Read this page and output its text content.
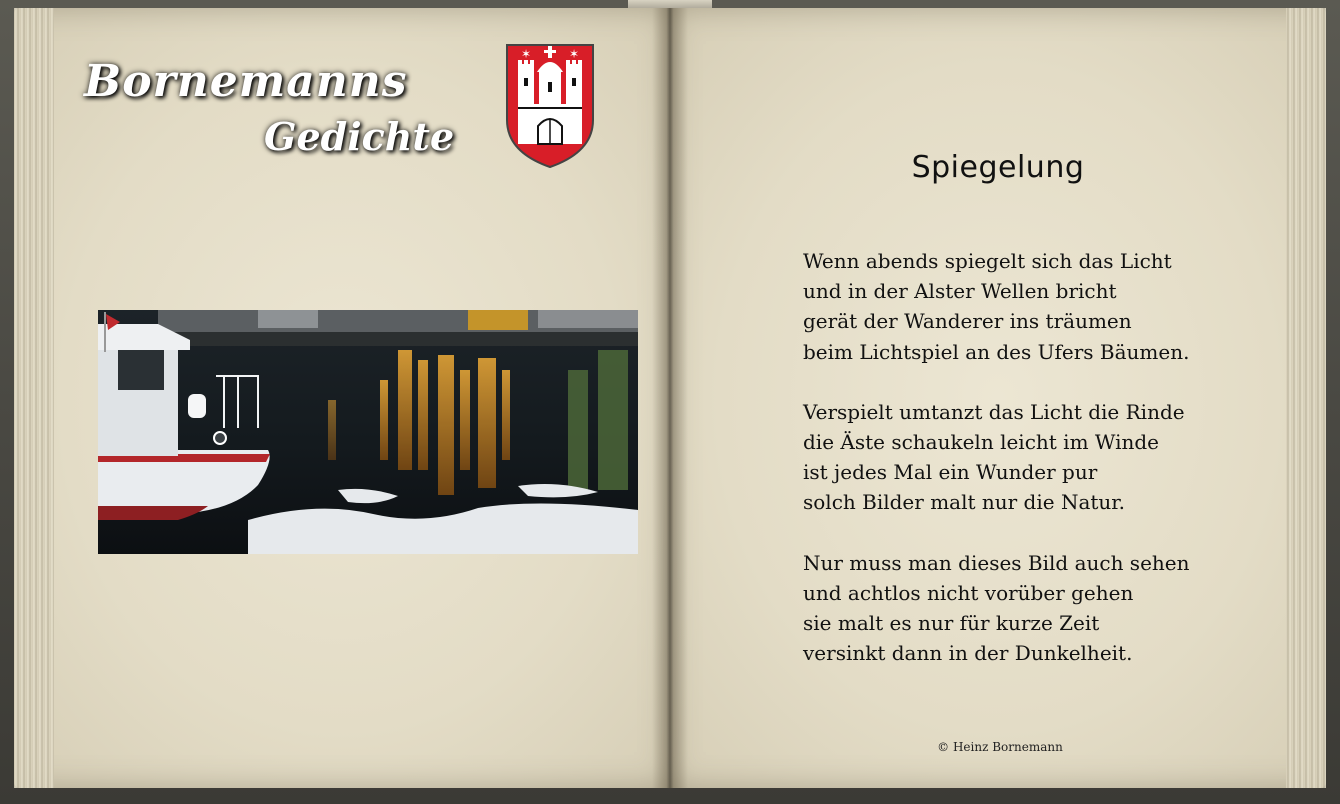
Bornemanns
Gedichte
✶	✶
Spiegelung
Wenn abends spiegelt sich das Licht
und in der Alster Wellen bricht
gerät der Wanderer ins träumen
beim Lichtspiel an des Ufers Bäumen.
Verspielt umtanzt das Licht die Rinde
die Äste schaukeln leicht im Winde
ist jedes Mal ein Wunder pur
solch Bilder malt nur die Natur.
Nur muss man dieses Bild auch sehen
und achtlos nicht vorüber gehen
sie malt es nur für kurze Zeit
versinkt dann in der Dunkelheit.
© Heinz Bornemann
